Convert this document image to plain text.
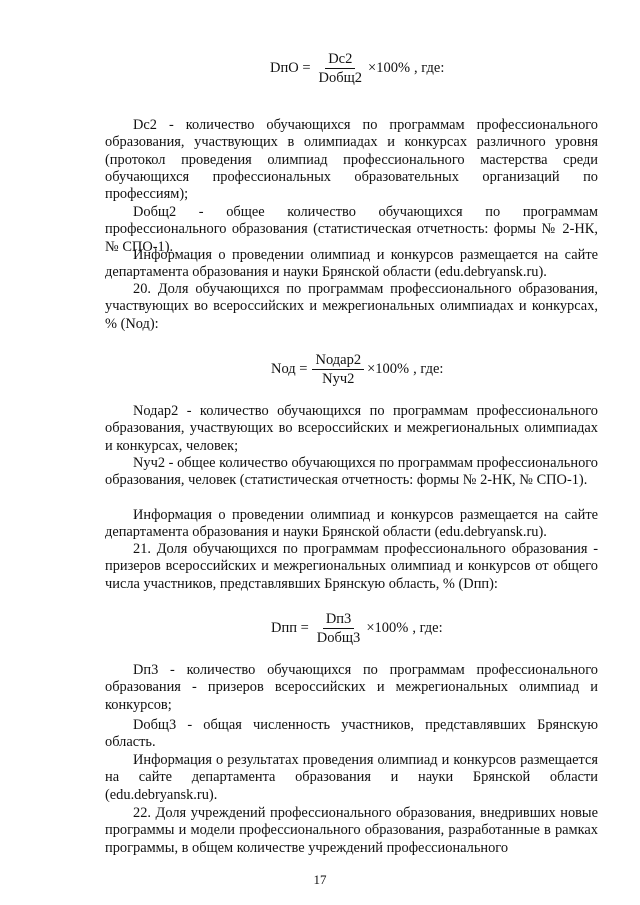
DпО = $\frac{Dс2}{\text{Dобщ2}} \times 100\%$ , где:

Dс2 - количество обучающихся по программам профессионального образования, участвующих в олимпиадах и конкурсах различного уровня (протокол проведения олимпиад профессионального мастерства среди обучающихся профессиональных образовательных организаций по профессиям);

Dобщ2 - общее количество обучающихся по программам профессионального образования (статистическая отчетность: формы № 2-НК, № СПО-1).

Информация о проведении олимпиад и конкурсов размещается на сайте департамента образования и науки Брянской области (edu.debryansk.ru).

20. Доля обучающихся по программам профессионального образования, участвующих во всероссийских и межрегиональных олимпиадах и конкурсах, % (Nод):

Nод = $\frac{\text{Nодар2}}{\text{Nуч2}} \times 100\%$ , где:

Nодар2 - количество обучающихся по программам профессионального образования, участвующих во всероссийских и межрегиональных олимпиадах и конкурсах, человек;

Nуч2 - общее количество обучающихся по программам профессионального образования, человек (статистическая отчетность: формы № 2-НК, № СПО-1).

Информация о проведении олимпиад и конкурсов размещается на сайте департамента образования и науки Брянской области (edu.debryansk.ru).

21. Доля обучающихся по программам профессионального образования - призеров всероссийских и межрегиональных олимпиад и конкурсов от общего числа участников, представлявших Брянскую область, % (Dпп):

Dпп = $\frac{Dп3}{\text{Dобщ3}} \times 100\%$ , где:

Dп3 - количество обучающихся по программам профессионального образования - призеров всероссийских и межрегиональных олимпиад и конкурсов;

Dобщ3 - общая численность участников, представлявших Брянскую область.

Информация о результатах проведения олимпиад и конкурсов размещается на сайте департамента образования и науки Брянской области (edu.debryansk.ru).

22. Доля учреждений профессионального образования, внедривших новые программы и модели профессионального образования, разработанные в рамках программы, в общем количестве учреждений профессионального

17
